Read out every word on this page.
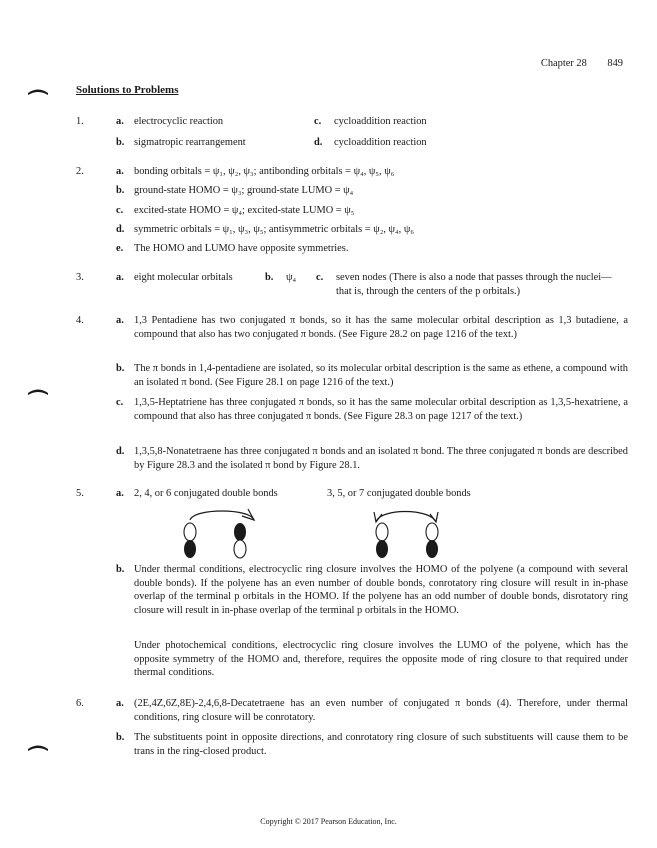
Chapter 28 849
Solutions to Problems
1.	a. electrocyclic reaction	c. cycloaddition reaction
b. sigmatropic rearrangement	d. cycloaddition reaction
2.	a. bonding orbitals = ψ₁, ψ₂, ψ₃; antibonding orbitals = ψ₄, ψ₅, ψ₆
b. ground-state HOMO = ψ₃; ground-state LUMO = ψ₄
c. excited-state HOMO = ψ₄; excited-state LUMO = ψ₅
d. symmetric orbitals = ψ₁, ψ₃, ψ₅; antisymmetric orbitals = ψ₂, ψ₄, ψ₆
e. The HOMO and LUMO have opposite symmetries.
3.	a. eight molecular orbitals	b. ψ₄ c. seven nodes (There is also a node that passes through the nuclei—that is, through the centers of the p orbitals.)
4.	a. 1,3 Pentadiene has two conjugated π bonds, so it has the same molecular orbital description as 1,3 butadiene, a compound that also has two conjugated π bonds. (See Figure 28.2 on page 1216 of the text.)
b. The π bonds in 1,4-pentadiene are isolated, so its molecular orbital description is the same as ethene, a compound with an isolated π bond. (See Figure 28.1 on page 1216 of the text.)
c. 1,3,5-Heptatriene has three conjugated π bonds, so it has the same molecular orbital description as 1,3,5-hexatriene, a compound that also has three conjugated π bonds. (See Figure 28.3 on page 1217 of the text.)
d. 1,3,5,8-Nonatetraene has three conjugated π bonds and an isolated π bond. The three conjugated π bonds are described by Figure 28.3 and the isolated π bond by Figure 28.1.
5.	a. 2, 4, or 6 conjugated double bonds	3, 5, or 7 conjugated double bonds
b. Under thermal conditions, electrocyclic ring closure involves the HOMO of the polyene (a compound with several double bonds). If the polyene has an even number of double bonds, conrotatory ring closure will result in in-phase overlap of the terminal p orbitals in the HOMO. If the polyene has an odd number of double bonds, disrotatory ring closure will result in in-phase overlap of the terminal p orbitals in the HOMO.
Under photochemical conditions, electrocyclic ring closure involves the LUMO of the polyene, which has the opposite symmetry of the HOMO and, therefore, requires the opposite mode of ring closure to that required under thermal conditions.
6.	a. (2E,4Z,6Z,8E)-2,4,6,8-Decatetraene has an even number of conjugated π bonds (4). Therefore, under thermal conditions, ring closure will be conrotatory.
b. The substituents point in opposite directions, and conrotatory ring closure of such substituents will cause them to be trans in the ring-closed product.
Copyright © 2017 Pearson Education, Inc.
